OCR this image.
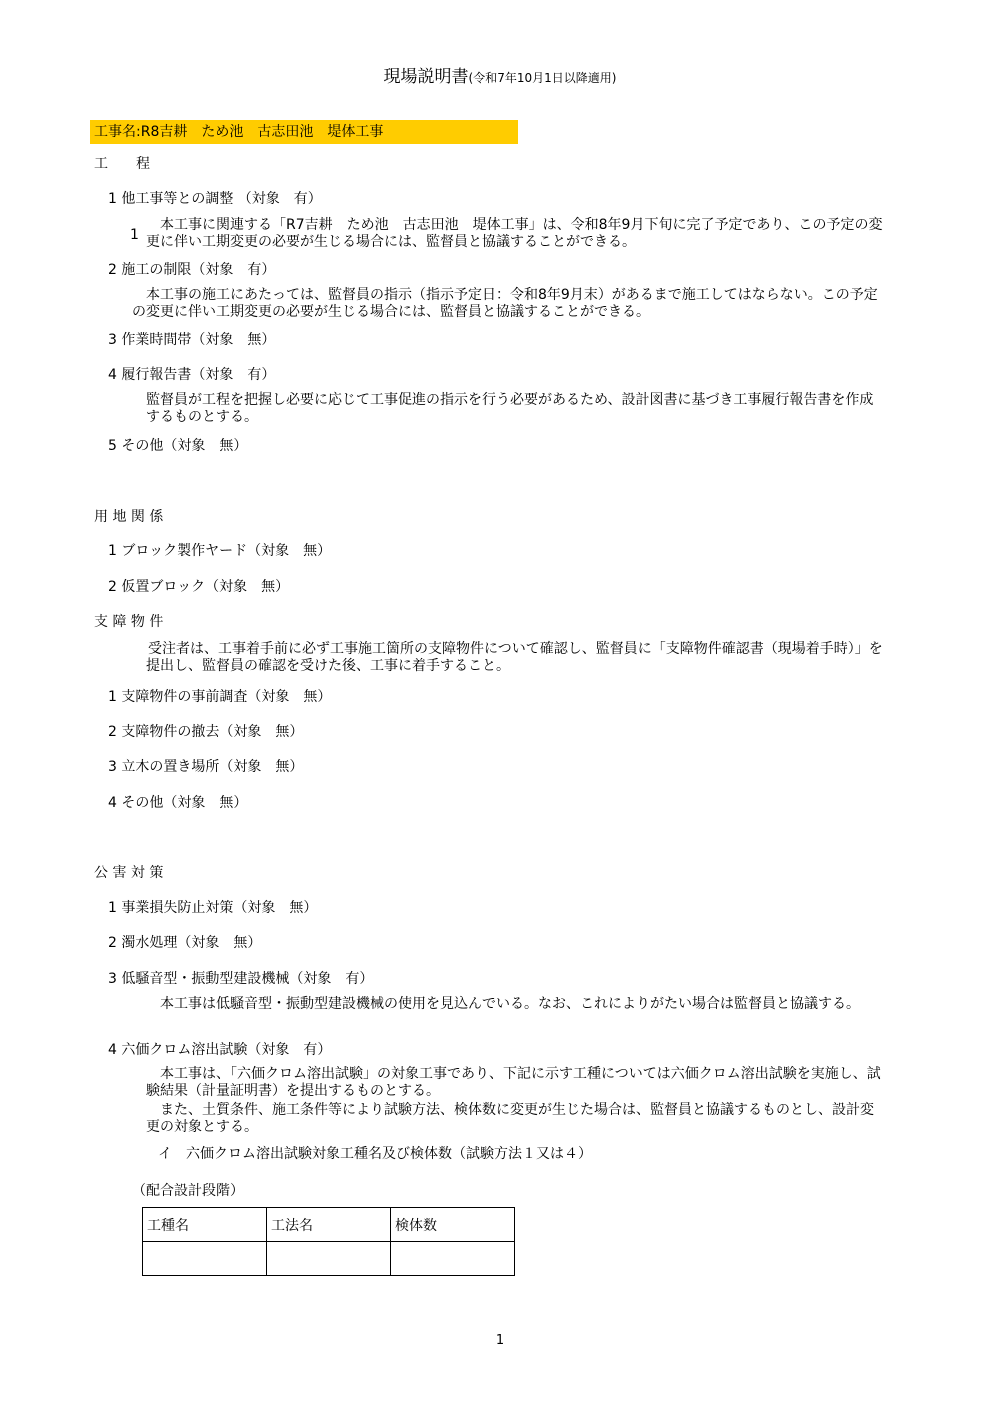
現場説明書(令和7年10月1日以降適用)
工事名:R8吉耕　ため池　古志田池　堤体工事
工　　程
1 他工事等との調整 （対象　有）
1
　本工事に関連する「R7吉耕　ため池　古志田池　堤体工事」は、令和8年9月下旬に完了予定であり、この予定の変更に伴い工期変更の必要が生じる場合には、監督員と協議することができる。
2 施工の制限（対象　有）
　本工事の施工にあたっては、監督員の指示（指示予定日：令和8年9月末）があるまで施工してはならない。この予定の変更に伴い工期変更の必要が生じる場合には、監督員と協議することができる。
3 作業時間帯（対象　無）
4 履行報告書（対象　有）
監督員が工程を把握し必要に応じて工事促進の指示を行う必要があるため、設計図書に基づき工事履行報告書を作成するものとする。
5 その他（対象　無）
用 地 関 係
1 ブロック製作ヤード（対象　無）
2 仮置ブロック（対象　無）
支 障 物 件
受注者は、工事着手前に必ず工事施工箇所の支障物件について確認し、監督員に「支障物件確認書（現場着手時）」を提出し、監督員の確認を受けた後、工事に着手すること。
1 支障物件の事前調査（対象　無）
2 支障物件の撤去（対象　無）
3 立木の置き場所（対象　無）
4 その他（対象　無）
公 害 対 策
1 事業損失防止対策（対象　無）
2 濁水処理（対象　無）
3 低騒音型・振動型建設機械（対象　有）
　本工事は低騒音型・振動型建設機械の使用を見込んでいる。なお、これによりがたい場合は監督員と協議する。
4 六価クロム溶出試験（対象　有）
　本工事は、「六価クロム溶出試験」の対象工事であり、下記に示す工種については六価クロム溶出試験を実施し、試験結果（計量証明書）を提出するものとする。
　また、土質条件、施工条件等により試験方法、検体数に変更が生じた場合は、監督員と協議するものとし、設計変更の対象とする。
イ　六価クロム溶出試験対象工種名及び検体数（試験方法１又は４）
（配合設計段階）
工種名	工法名	検体数

1
